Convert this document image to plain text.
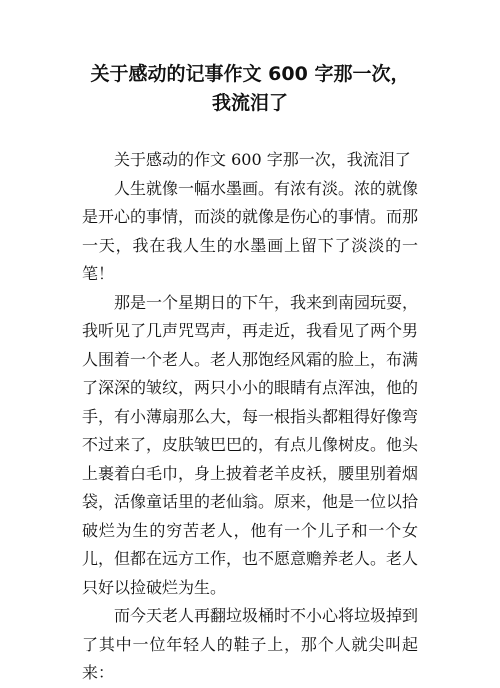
关于感动的记事作文 600 字那一次，
我流泪了

关于感动的作文 600 字那一次，我流泪了

人生就像一幅水墨画。有浓有淡。浓的就像是开心的事情，而淡的就像是伤心的事情。而那一天，我在我人生的水墨画上留下了淡淡的一笔！

那是一个星期日的下午，我来到南园玩耍，我听见了几声咒骂声，再走近，我看见了两个男人围着一个老人。老人那饱经风霜的脸上，布满了深深的皱纹，两只小小的眼睛有点浑浊，他的手，有小薄扇那么大，每一根指头都粗得好像弯不过来了，皮肤皱巴巴的，有点儿像树皮。他头上裹着白毛巾，身上披着老羊皮袄，腰里别着烟袋，活像童话里的老仙翁。原来，他是一位以拾破烂为生的穷苦老人，他有一个儿子和一个女儿，但都在远方工作，也不愿意赡养老人。老人只好以捡破烂为生。

而今天老人再翻垃圾桶时不小心将垃圾掉到了其中一位年轻人的鞋子上，那个人就尖叫起来：
